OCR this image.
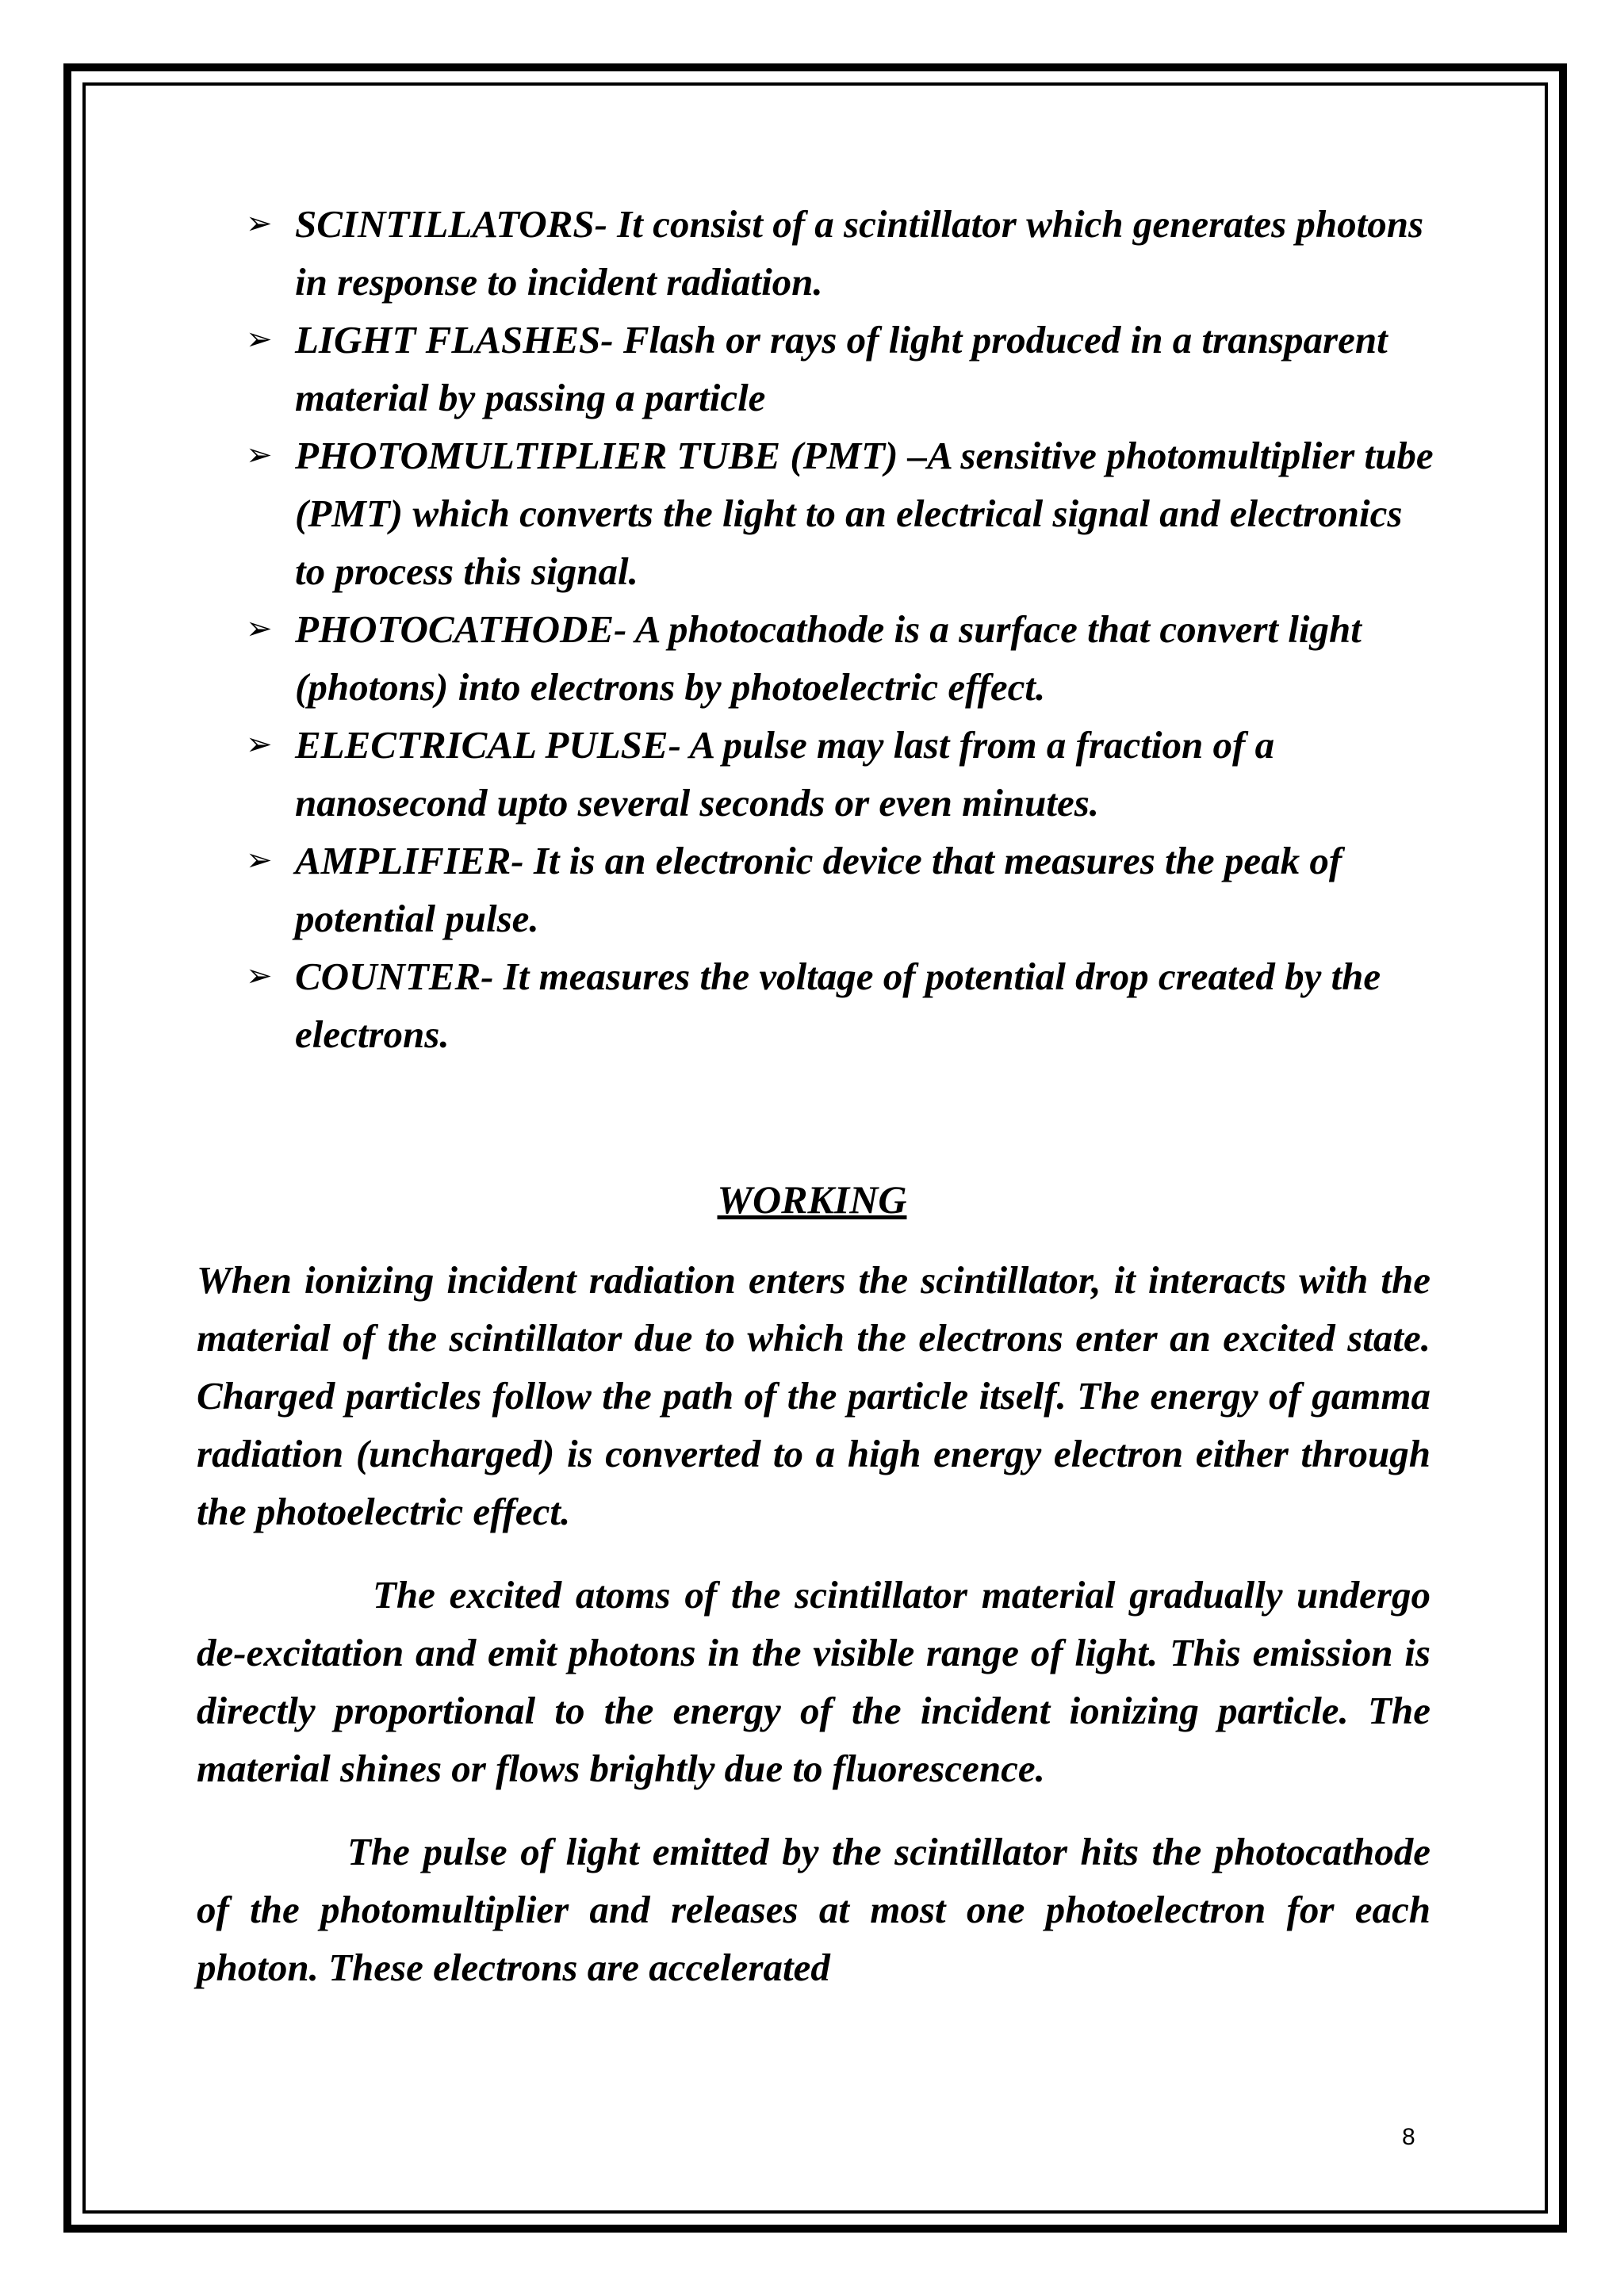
➢ SCINTILLATORS- It consist of a scintillator which generates photons in response to incident radiation.
➢ LIGHT FLASHES- Flash or rays of light produced in a transparent material by passing a particle
➢ PHOTOMULTIPLIER TUBE (PMT) –A sensitive photomultiplier tube (PMT) which converts the light to an electrical signal and electronics to process this signal.
➢ PHOTOCATHODE- A photocathode is a surface that convert light (photons) into electrons by photoelectric effect.
➢ ELECTRICAL PULSE- A pulse may last from a fraction of a nanosecond upto several seconds or even minutes.
➢ AMPLIFIER- It is an electronic device that measures the peak of potential pulse.
➢ COUNTER- It measures the voltage of potential drop created by the electrons.
WORKING

When ionizing incident radiation enters the scintillator, it interacts with the material of the scintillator due to which the electrons enter an excited state. Charged particles follow the path of the particle itself. The energy of gamma radiation (uncharged) is converted to a high energy electron either through the photoelectric effect.

The excited atoms of the scintillator material gradually undergo de-excitation and emit photons in the visible range of light. This emission is directly proportional to the energy of the incident ionizing particle. The material shines or flows brightly due to fluorescence.

The pulse of light emitted by the scintillator hits the photocathode of the photomultiplier and releases at most one photoelectron for each photon. These electrons are accelerated

8
